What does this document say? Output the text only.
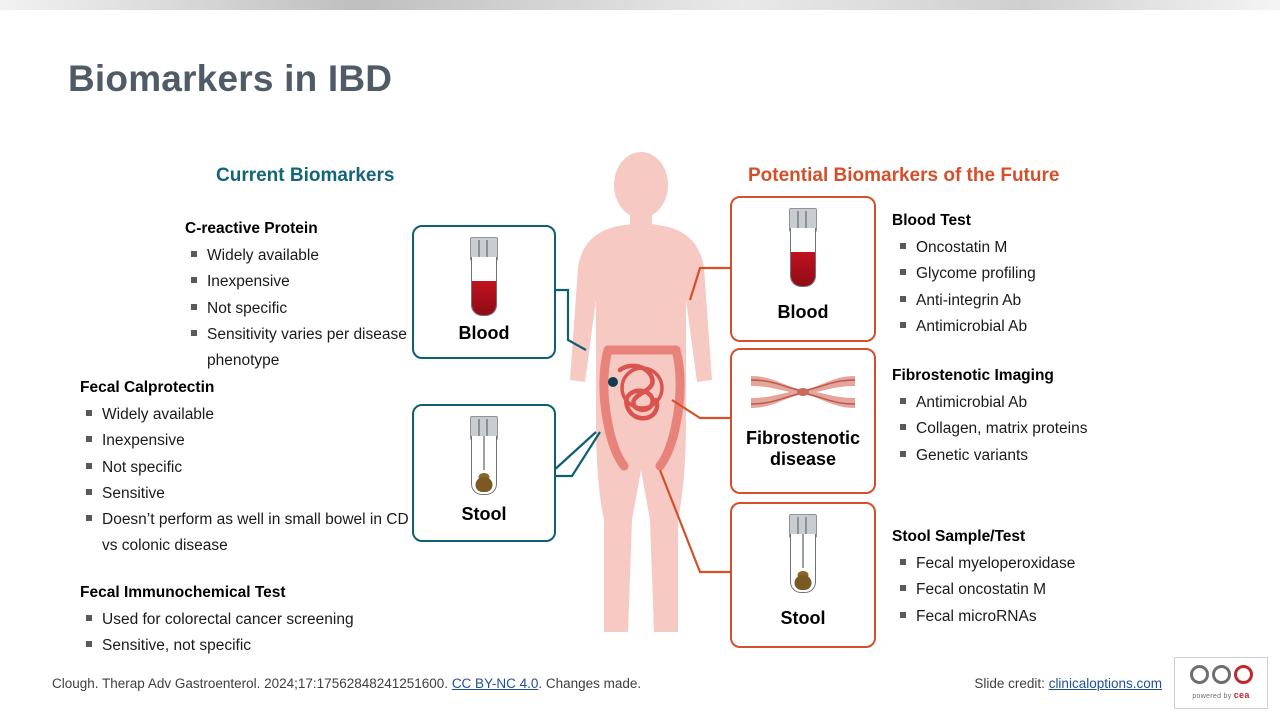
Biomarkers in IBD
Current Biomarkers	Potential Biomarkers of the Future
C-reactive Protein
Widely available
Inexpensive
Not specific
Sensitivity varies per disease phenotype
Fecal Calprotectin
Widely available
Inexpensive
Not specific
Sensitive
Doesn’t perform as well in small bowel in CD vs colonic disease
Fecal Immunochemical Test
Used for colorectal cancer screening
Sensitive, not specific
Blood Test
Oncostatin M
Glycome profiling
Anti-integrin Ab
Antimicrobial Ab
Fibrostenotic Imaging
Antimicrobial Ab
Collagen, matrix proteins
Genetic variants
Stool Sample/Test
Fecal myeloperoxidase
Fecal oncostatin M
Fecal microRNAs
Blood
Stool
Blood
Fibrostenotic disease
Stool
Clough. Therap Adv Gastroenterol. 2024;17:17562848241251600. CC BY-NC 4.0. Changes made.	Slide credit: clinicaloptions.com
powered by cea
